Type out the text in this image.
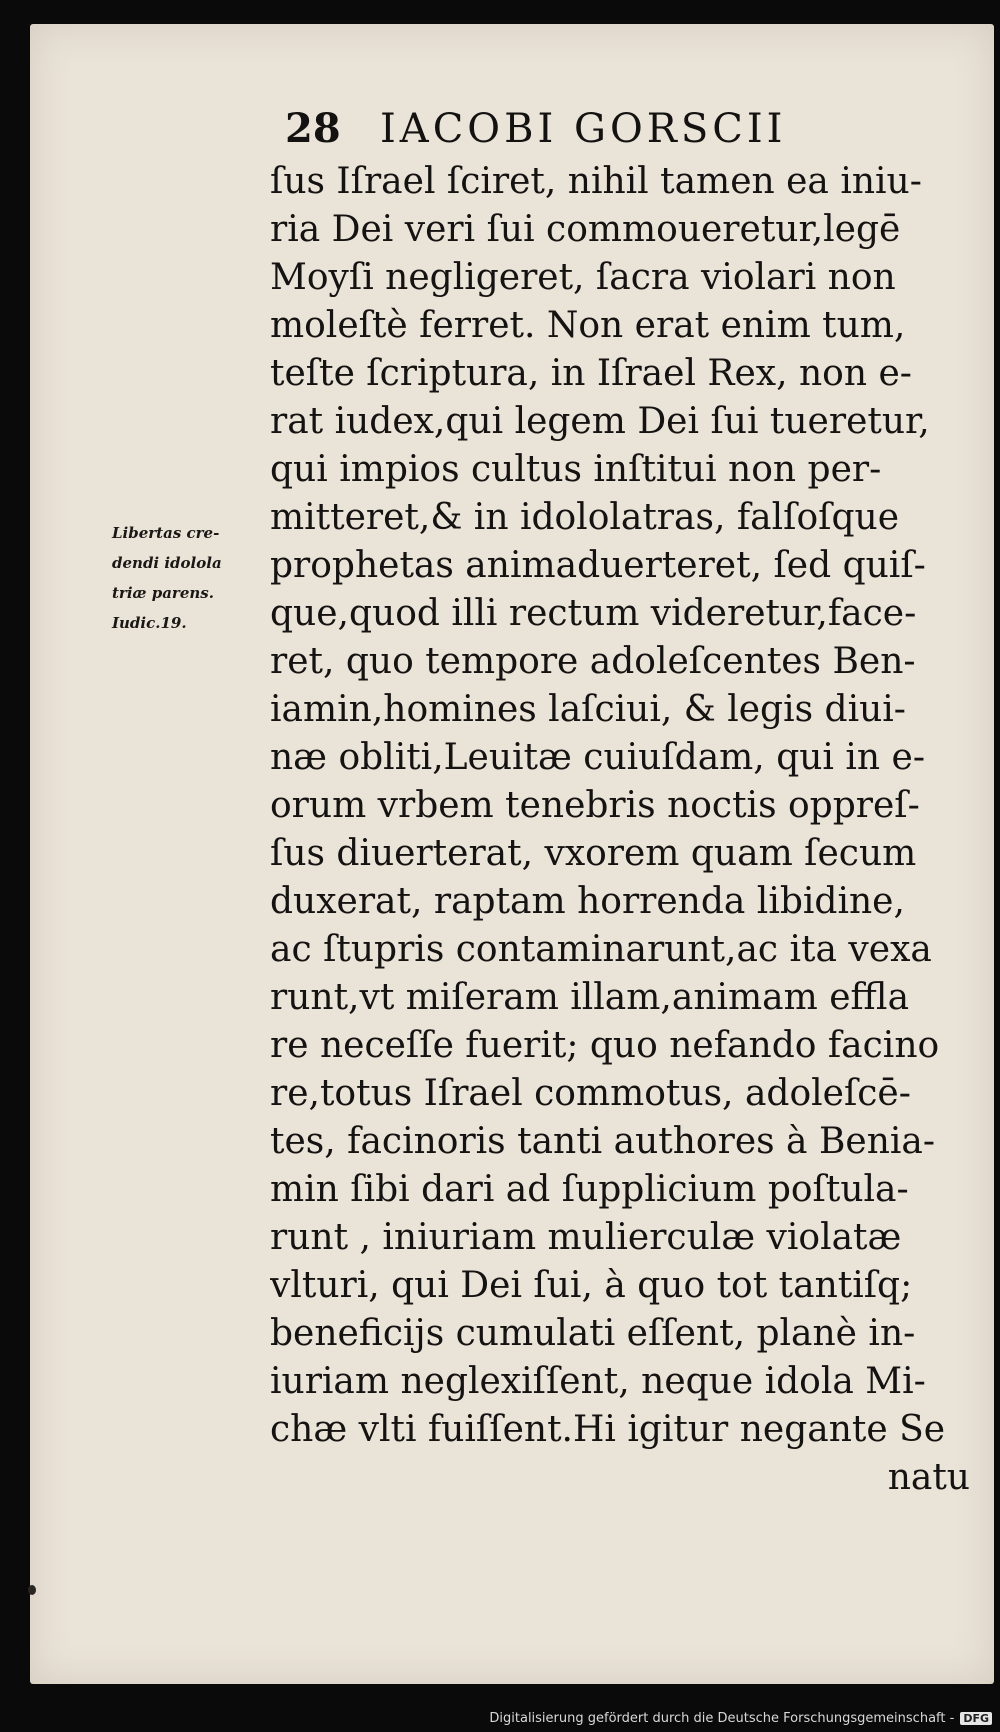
28 IACOBI GORSCII
ſus Iſrael ſciret, nihil tamen ea iniu-
ria Dei veri ſui commoueretur,legē
Moyſi negligeret, ſacra violari non
moleſtè ferret. Non erat enim tum,
teſte ſcriptura, in Iſrael Rex, non e-
rat iudex,qui legem Dei ſui tueretur,
qui impios cultus inſtitui non per-
mitteret,& in idololatras, falſoſque
prophetas animaduerteret, ſed quiſ-
que,quod illi rectum videretur,face-
ret, quo tempore adoleſcentes Ben-
iamin,homines laſciui, & legis diui-
næ obliti,Leuitæ cuiuſdam, qui in e-
orum vrbem tenebris noctis oppreſ-
ſus diuerterat, vxorem quam ſecum
duxerat, raptam horrenda libidine,
ac ſtupris contaminarunt,ac ita vexa
runt,vt miſeram illam,animam effla
re neceſſe fuerit; quo nefando facino
re,totus Iſrael commotus, adoleſcē-
tes, facinoris tanti authores à Benia-
min ſibi dari ad ſupplicium poſtula-
runt , iniuriam mulierculæ violatæ
vlturi, qui Dei ſui, à quo tot tantiſq;
beneficijs cumulati eſſent, planè in-
iuriam neglexiſſent, neque idola Mi-
chæ vlti fuiſſent.Hi igitur negante Se
natu
Libertas cre-
dendi idolola
triæ parens.
Iudic.19.
Digitalisierung gefördert durch die Deutsche Forschungsgemeinschaft - DFG
